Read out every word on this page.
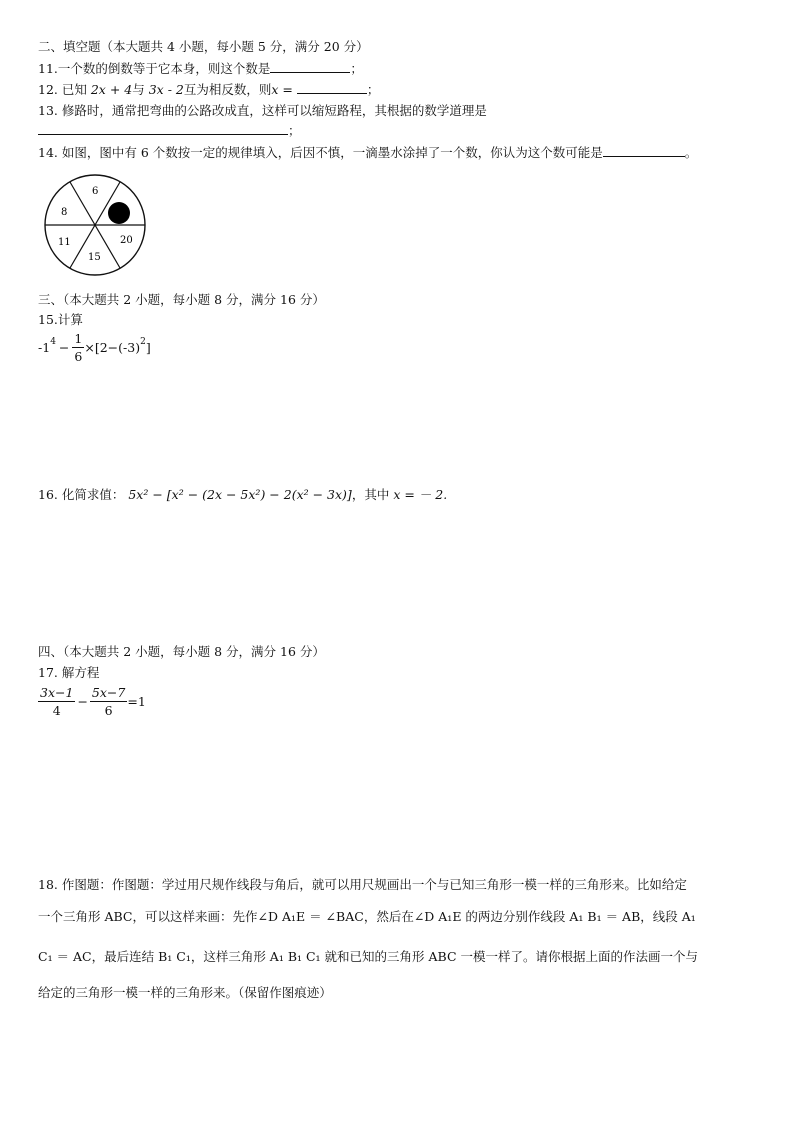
二、填空题（本大题共 4 小题，每小题 5 分，满分 20 分）
11.一个数的倒数等于它本身，则这个数是	；
12. 已知 2x + 4与 3x - 2互为相反数，则x =	；
13. 修路时，通常把弯曲的公路改成直，这样可以缩短路程，其根据的数学道理是
；
14. 如图，图中有 6 个数按一定的规律填入，后因不慎，一滴墨水涂掉了一个数，你认为这个数可能是	。
6
8
11
15
20
三、（本大题共 2 小题，每小题 8 分，满分 16 分）
15.计算
$-1^4 - \frac{1}{6} \times[2-(-3)^2$ ]
16. 化简求值： 5x² − [x² − (2x − 5x²) − 2(x² − 3x)]，其中 x = － 2.
四、（本大题共 2 小题，每小题 8 分，满分 16 分）
17. 解方程
$\frac{3x-1}{4} - \frac{5x-7}{6} =1$
18. 作图题：作图题：学过用尺规作线段与角后，就可以用尺规画出一个与已知三角形一模一样的三角形来。比如给定
一个三角形 ABC，可以这样来画：先作∠D A₁E ＝ ∠BAC，然后在∠D A₁E 的两边分别作线段 A₁ B₁ ＝ AB，线段 A₁
C₁ ＝ AC，最后连结 B₁ C₁，这样三角形 A₁ B₁ C₁ 就和已知的三角形 ABC 一模一样了。请你根据上面的作法画一个与
给定的三角形一模一样的三角形来。（保留作图痕迹）
